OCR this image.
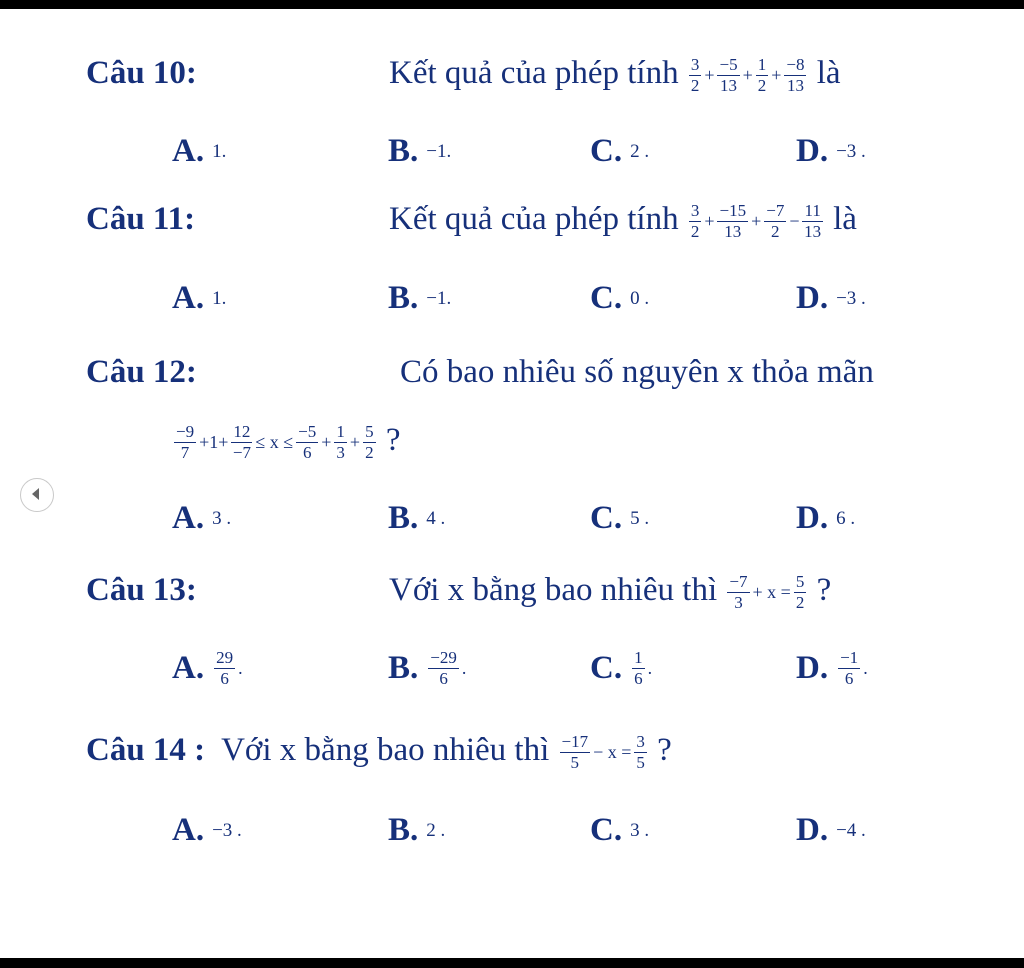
Câu 10:	Kết quả của phép tính $\frac{3}{2} + \frac{-5}{13} + \frac{1}{2} + \frac{-8}{13}$ là
A. 1.	B. −1.	C. 2 .	D. −3 .
Câu 11:	Kết quả của phép tính $\frac{3}{2} + \frac{-15}{13} + \frac{-7}{2} - \frac{11}{13}$ là
A. 1.	B. −1.	C. 0 .	D. −3 .
Câu 12:	Có bao nhiêu số nguyên x thỏa mãn
$\frac{-9}{7} +1+ \frac{12}{-7} \le x \le \frac{-5}{6} + \frac{1}{3} + \frac{5}{2}$ ?
A. 3 .	B. 4 .	C. 5 .	D. 6 .
Câu 13:	Với x bằng bao nhiêu thì $\frac{-7}{3} + x = \frac{5}{2}$ ?
A. $\frac{29}{6}$ .	B. $\frac{-29}{6}$ .	C. $\frac{1}{6}$ .	D. $\frac{-1}{6}$ .
Câu 14 : Với x bằng bao nhiêu thì $\frac{-17}{5} - x = \frac{3}{5}$ ?
A. −3 .	B. 2 .	C. 3 .	D. −4 .
